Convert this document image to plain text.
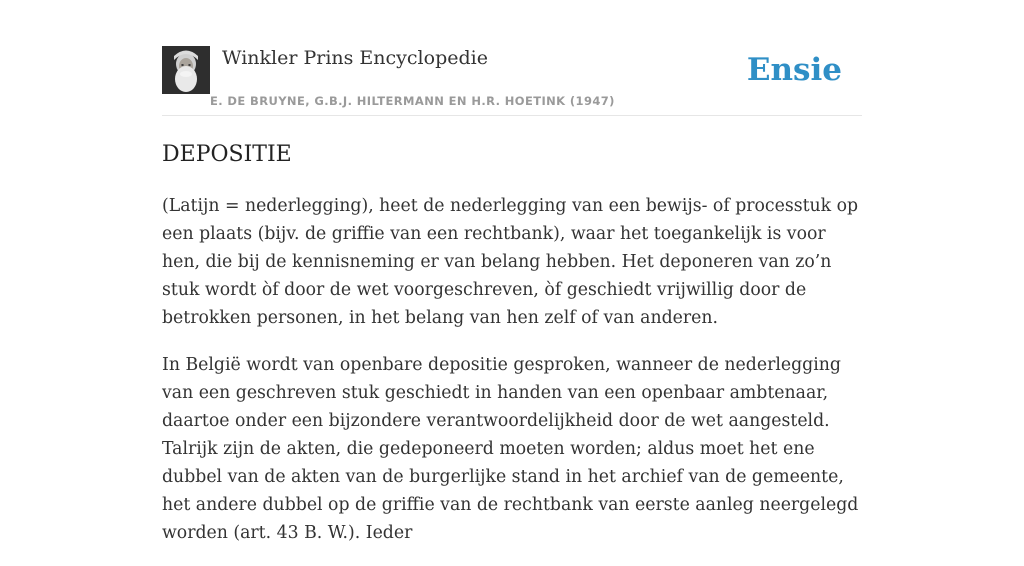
Winkler Prins Encyclopedie
E. DE BRUYNE, G.B.J. HILTERMANN EN H.R. HOETINK (1947)
Ensie
DEPOSITIE

(Latijn = nederlegging), heet de nederlegging van een bewijs- of processtuk op een plaats (bijv. de griffie van een rechtbank), waar het toegankelijk is voor hen, die bij de kennisneming er van belang hebben. Het deponeren van zo’n stuk wordt òf door de wet voorgeschreven, òf geschiedt vrijwillig door de betrokken personen, in het belang van hen zelf of van anderen.

In België wordt van openbare depositie gesproken, wanneer de nederlegging van een geschreven stuk geschiedt in handen van een openbaar ambtenaar, daartoe onder een bijzondere verantwoordelijkheid door de wet aangesteld. Talrijk zijn de akten, die gedeponeerd moeten worden; aldus moet het ene dubbel van de akten van de burgerlijke stand in het archief van de gemeente, het andere dubbel op de griffie van de rechtbank van eerste aanleg neergelegd worden (art. 43 B. W.). Ieder
